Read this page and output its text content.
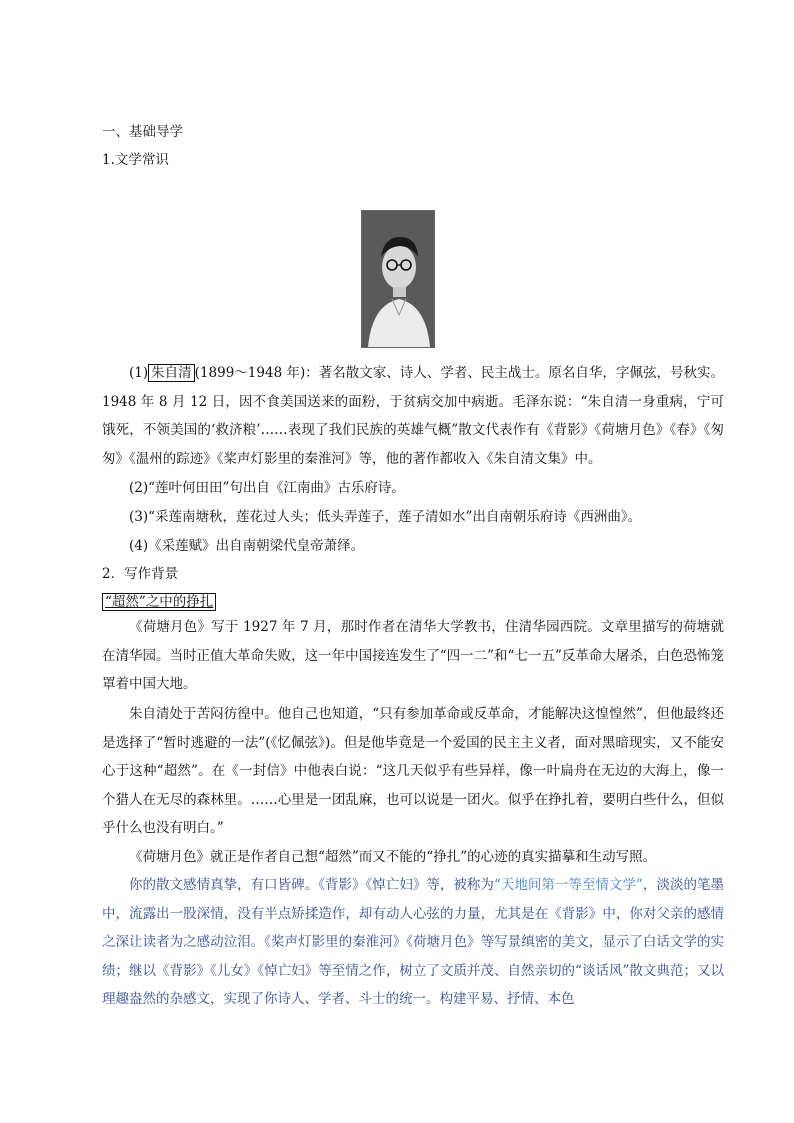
一、基础导学
1.文学常识
(1) 朱自清 (1899～1948 年)：著名散文家、诗人、学者、民主战士。原名自华，字佩弦，号秋实。1948 年 8 月 12 日，因不食美国送来的面粉，于贫病交加中病逝。毛泽东说：“朱自清一身重病，宁可饿死，不领美国的‘救济粮’……表现了我们民族的英雄气概”散文代表作有《背影》《荷塘月色》《春》《匆匆》《温州的踪迹》《桨声灯影里的秦淮河》等，他的著作都收入《朱自清文集》中。
(2)“莲叶何田田”句出自《江南曲》古乐府诗。
(3)“采莲南塘秋，莲花过人头；低头弄莲子，莲子清如水”出自南朝乐府诗《西洲曲》。
(4)《采莲赋》出自南朝梁代皇帝萧绎。
2．写作背景
“超然”之中的挣扎
《荷塘月色》写于 1927 年 7 月，那时作者在清华大学教书，住清华园西院。文章里描写的荷塘就在清华园。当时正值大革命失败，这一年中国接连发生了“四一二”和“七一五”反革命大屠杀，白色恐怖笼罩着中国大地。
朱自清处于苦闷彷徨中。他自己也知道，“只有参加革命或反革命，才能解决这惶惶然”，但他最终还是选择了“暂时逃避的一法”(《忆佩弦》)。但是他毕竟是一个爱国的民主主义者，面对黑暗现实，又不能安心于这种“超然”。在《一封信》中他表白说：“这几天似乎有些异样，像一叶扁舟在无边的大海上，像一个猎人在无尽的森林里。……心里是一团乱麻，也可以说是一团火。似乎在挣扎着，要明白些什么，但似乎什么也没有明白。”
《荷塘月色》就正是作者自己想“超然”而又不能的“挣扎”的心迹的真实描摹和生动写照。
你的散文感情真挚，有口皆碑。《背影》《悼亡妇》等，被称为“天地间第一等至情文学”，淡淡的笔墨中，流露出一股深情，没有半点矫揉造作，却有动人心弦的力量，尤其是在《背影》中，你对父亲的感情之深让读者为之感动泣泪。《桨声灯影里的秦淮河》《荷塘月色》等写景缜密的美文，显示了白话文学的实绩；继以《背影》《儿女》《悼亡妇》等至情之作，树立了文质并茂、自然亲切的“谈话风”散文典范；又以理趣盎然的杂感文，实现了你诗人、学者、斗士的统一。构建平易、抒情、本色
